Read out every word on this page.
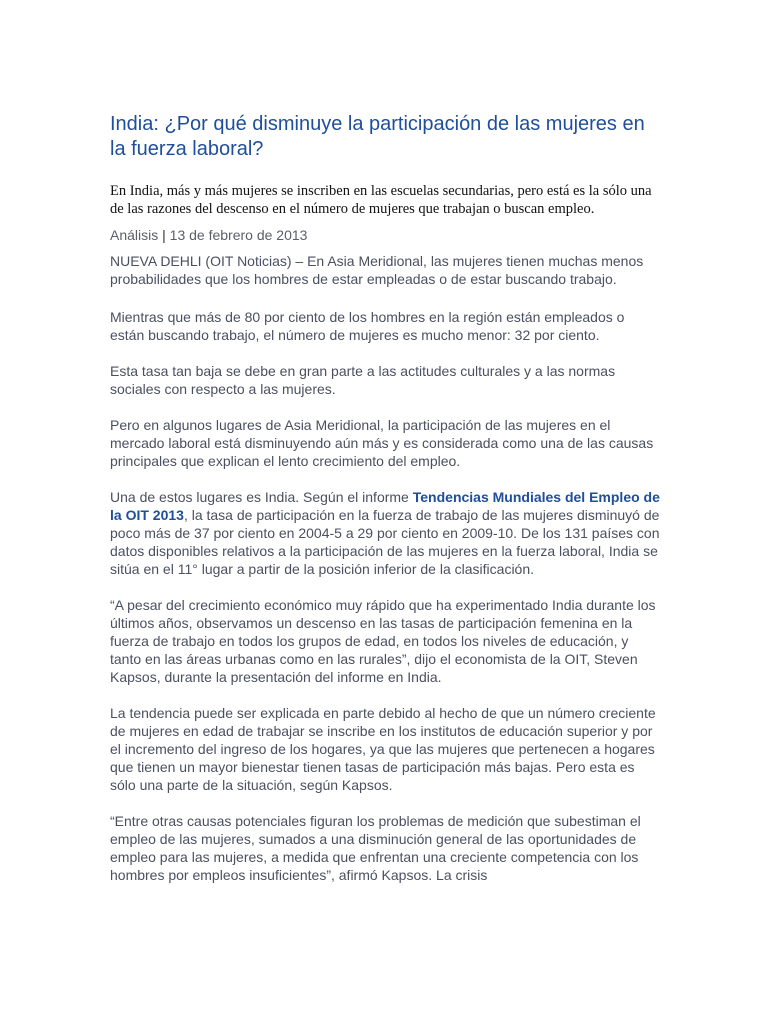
India: ¿Por qué disminuye la participación de las mujeres en la fuerza laboral?

En India, más y más mujeres se inscriben en las escuelas secundarias, pero está es la sólo una de las razones del descenso en el número de mujeres que trabajan o buscan empleo.

Análisis | 13 de febrero de 2013

NUEVA DEHLI (OIT Noticias) – En Asia Meridional, las mujeres tienen muchas menos probabilidades que los hombres de estar empleadas o de estar buscando trabajo.

Mientras que más de 80 por ciento de los hombres en la región están empleados o están buscando trabajo, el número de mujeres es mucho menor: 32 por ciento.

Esta tasa tan baja se debe en gran parte a las actitudes culturales y a las normas sociales con respecto a las mujeres.

Pero en algunos lugares de Asia Meridional, la participación de las mujeres en el mercado laboral está disminuyendo aún más y es considerada como una de las causas principales que explican el lento crecimiento del empleo.

Una de estos lugares es India. Según el informe Tendencias Mundiales del Empleo de la OIT 2013, la tasa de participación en la fuerza de trabajo de las mujeres disminuyó de poco más de 37 por ciento en 2004-5 a 29 por ciento en 2009-10. De los 131 países con datos disponibles relativos a la participación de las mujeres en la fuerza laboral, India se sitúa en el 11° lugar a partir de la posición inferior de la clasificación.

“A pesar del crecimiento económico muy rápido que ha experimentado India durante los últimos años, observamos un descenso en las tasas de participación femenina en la fuerza de trabajo en todos los grupos de edad, en todos los niveles de educación, y tanto en las áreas urbanas como en las rurales”, dijo el economista de la OIT, Steven Kapsos, durante la presentación del informe en India.

La tendencia puede ser explicada en parte debido al hecho de que un número creciente de mujeres en edad de trabajar se inscribe en los institutos de educación superior y por el incremento del ingreso de los hogares, ya que las mujeres que pertenecen a hogares que tienen un mayor bienestar tienen tasas de participación más bajas. Pero esta es sólo una parte de la situación, según Kapsos.

“Entre otras causas potenciales figuran los problemas de medición que subestiman el empleo de las mujeres, sumados a una disminución general de las oportunidades de empleo para las mujeres, a medida que enfrentan una creciente competencia con los hombres por empleos insuficientes”, afirmó Kapsos. La crisis
